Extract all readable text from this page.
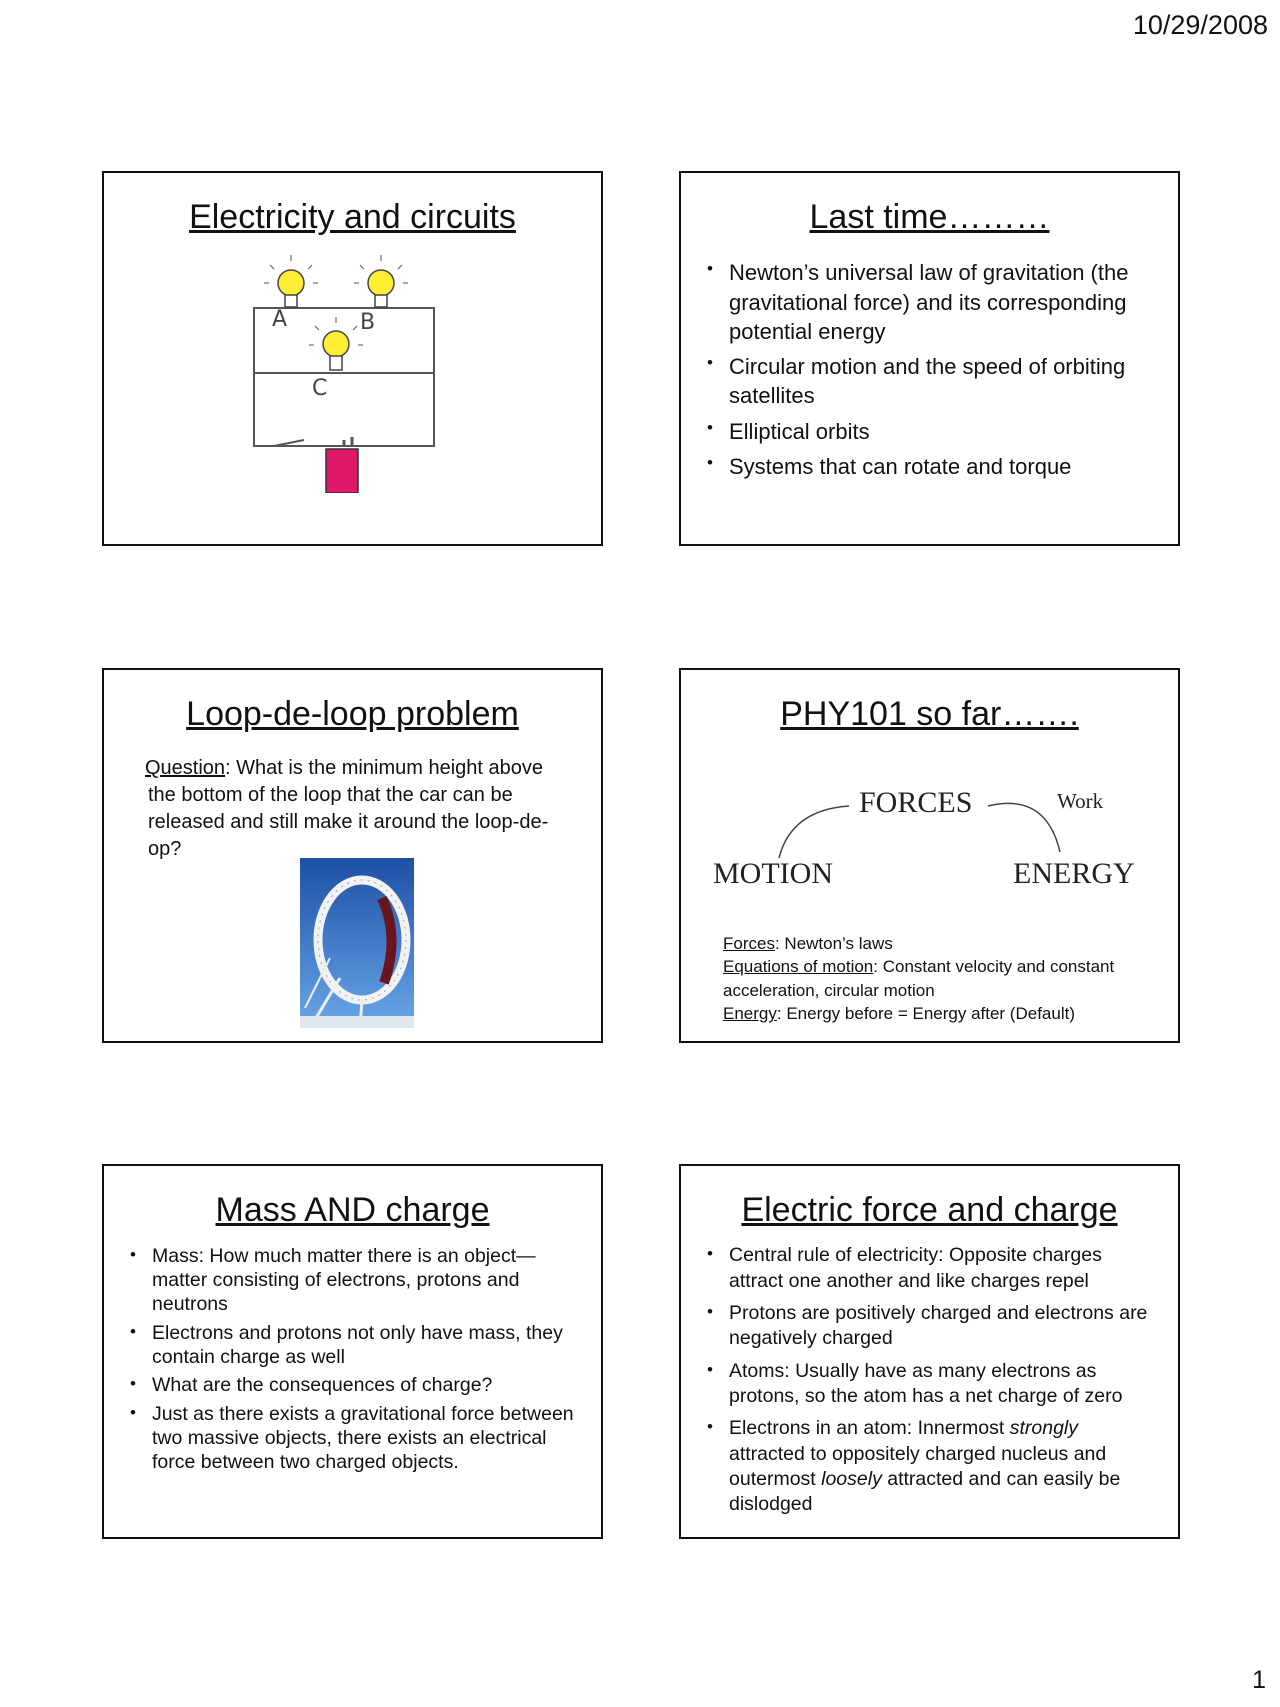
10/29/2008
Electricity and circuits
A	B
C
Last time………
• Newton’s universal law of gravitation (the gravitational force) and its corresponding potential energy
• Circular motion and the speed of orbiting satellites
• Elliptical orbits
• Systems that can rotate and torque
Loop-de-loop problem

Question: What is the minimum height above the bottom of the loop that the car can be released and still make it around the loop-de-op?

PHY101 so far…….
FORCES	Work
MOTION	ENERGY
Forces: Newton’s laws
Equations of motion: Constant velocity and constant acceleration, circular motion
Energy: Energy before = Energy after (Default)
Mass AND charge
• Mass: How much matter there is an object—matter consisting of electrons, protons and neutrons
• Electrons and protons not only have mass, they contain charge as well
• What are the consequences of charge?
• Just as there exists a gravitational force between two massive objects, there exists an electrical force between two charged objects.
Electric force and charge
• Central rule of electricity: Opposite charges attract one another and like charges repel
• Protons are positively charged and electrons are negatively charged
• Atoms: Usually have as many electrons as protons, so the atom has a net charge of zero
• Electrons in an atom: Innermost strongly attracted to oppositely charged nucleus and outermost loosely attracted and can easily be dislodged
1
